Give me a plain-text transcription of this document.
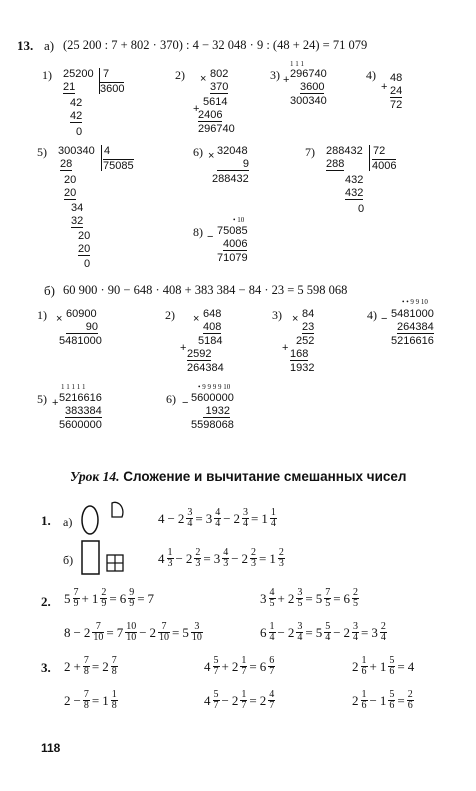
13. а) (25 200 : 7 + 802 · 370) : 4 − 32 048 · 9 : (48 + 24) = 71 079
1) 25200 7
3600
21
42
42
0
2) × 802
370
5614
+
2406
296740
3)
1 1 1
+ 296740
3600
300340
4)
+
48
24
72
5) 300340 4
75085
28
20
20
34
32
20
20
0
6) × 32048
9
288432
7) 288432 72
4006
288
432
432
0
8)
• 10
− 75085
4006
71079
б) 60 900 · 90 − 648 · 408 + 383 384 − 84 · 23 = 5 598 068
1) × 60900
90
5481000
2) × 648
408
5184
+ 2592
264384
3) × 84
23
252
+ 168
1932
4)
• • 9 9 10
− 5481000
264384
5216616
5)
1 1 1 1 1
+ 5216616
383384
5600000
6)
• 9 9 9 9 10
− 5600000
1932
5598068
Урок 14. Сложение и вычитание смешанных чисел
1. а)	$4 - 2 \frac{3}{4} = 3 \frac{4}{4} - 2 \frac{3}{4} = 1 \frac{1}{4}$
б)	$4 \frac{1}{3} - 2 \frac{2}{3} = 3 \frac{4}{3} - 2 \frac{2}{3} = 1 \frac{2}{3}$
2. $5 \frac{7}{9} + 1 \frac{2}{9} = 6 \frac{9}{9} = 7$	$3 \frac{4}{5} + 2 \frac{3}{5} = 5 \frac{7}{5} = 6 \frac{2}{5}$
$8 - 2 \frac{7}{10} = 7 \frac{10}{10} - 2 \frac{7}{10} = 5 \frac{3}{10}$	$6 \frac{1}{4} - 2 \frac{3}{4} = 5 \frac{5}{4} - 2 \frac{3}{4} = 3 \frac{2}{4}$
3. $2 + \frac{7}{8} = 2 \frac{7}{8}$	$4 \frac{5}{7} + 2 \frac{1}{7} = 6 \frac{6}{7}$	$2 \frac{1}{6} + 1 \frac{5}{6} = 4$
$2 - \frac{7}{8} = 1 \frac{1}{8}$	$4 \frac{5}{7} - 2 \frac{1}{7} = 2 \frac{4}{7}$	$2 \frac{1}{6} - 1 \frac{5}{6} = \frac{2}{6}$
118
